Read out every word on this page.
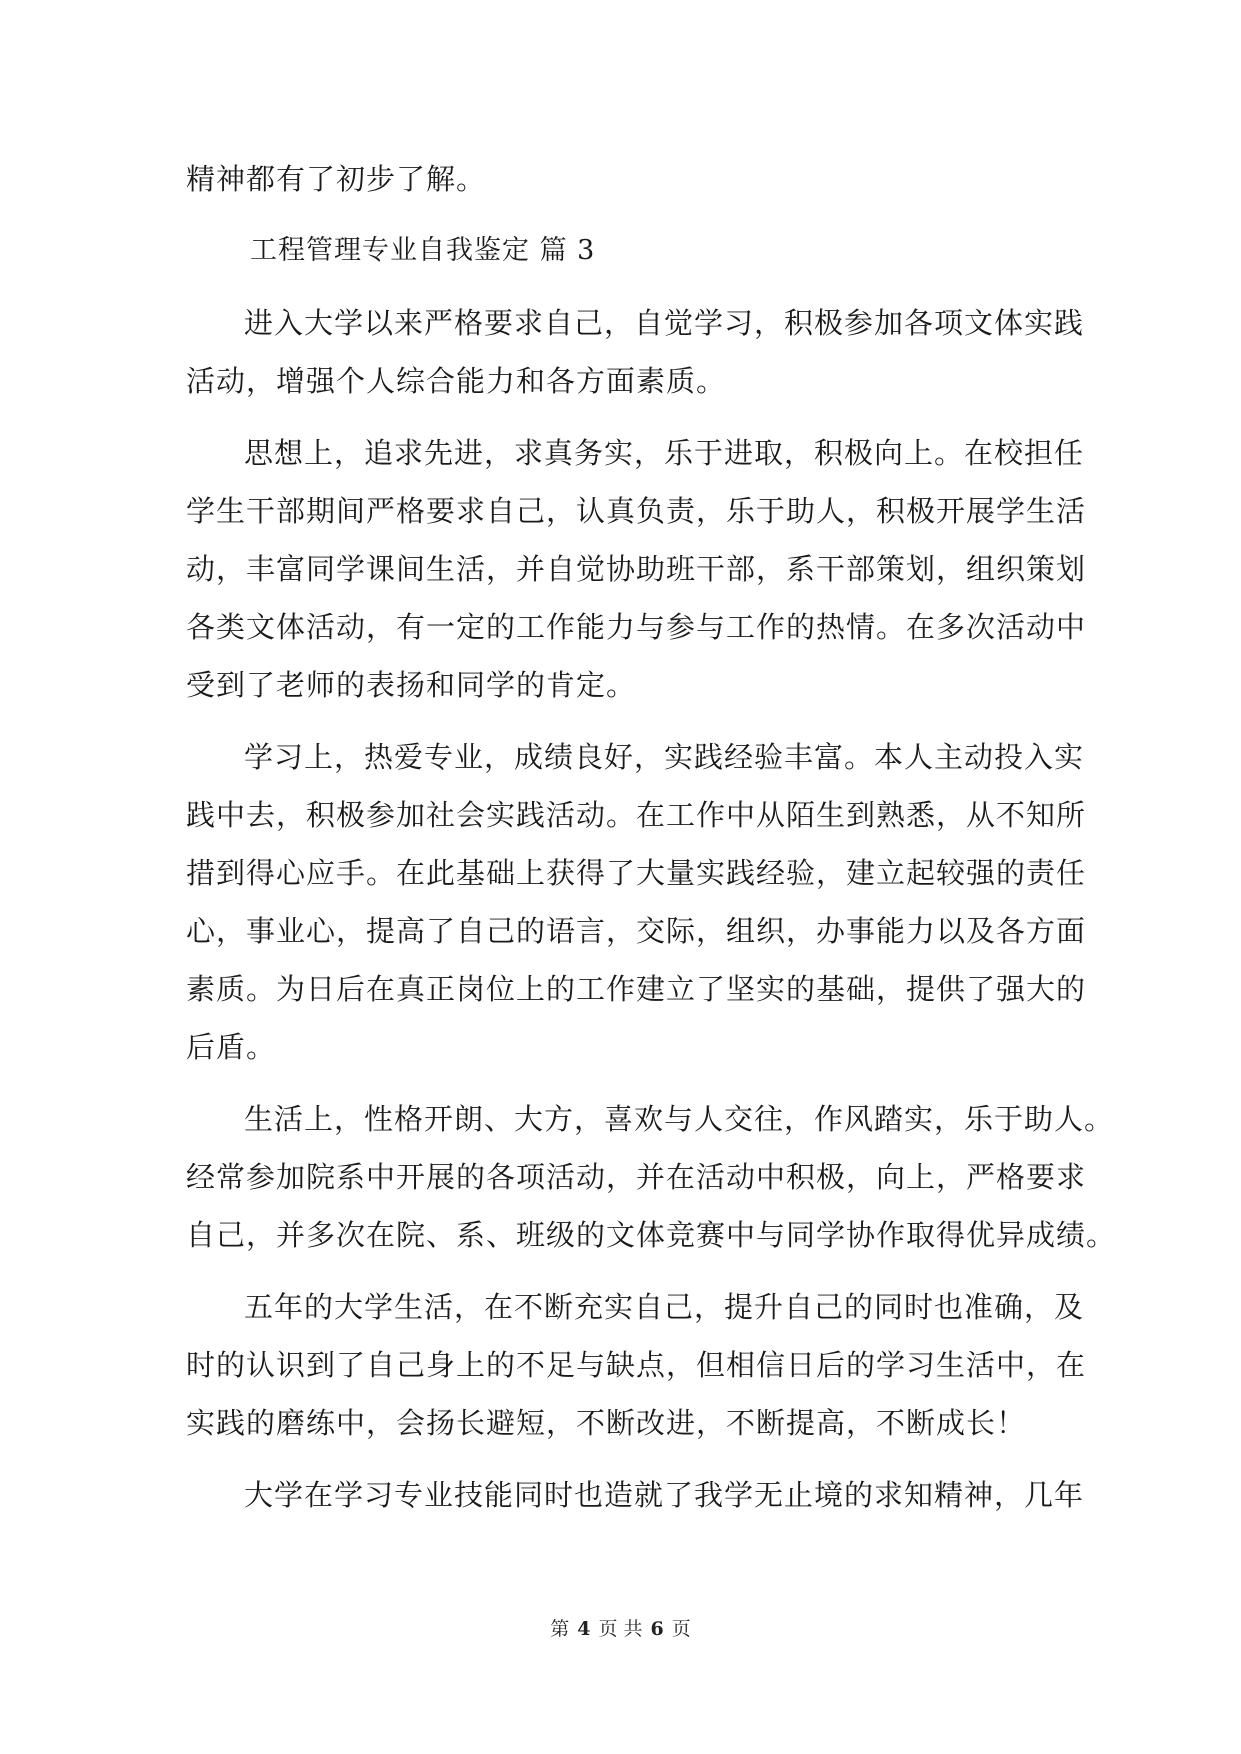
精神都有了初步了解。
工程管理专业自我鉴定 篇 3
进入大学以来严格要求自己，自觉学习，积极参加各项文体实践
活动，增强个人综合能力和各方面素质。
思想上，追求先进，求真务实，乐于进取，积极向上。在校担任
学生干部期间严格要求自己，认真负责，乐于助人，积极开展学生活
动，丰富同学课间生活，并自觉协助班干部，系干部策划，组织策划
各类文体活动，有一定的工作能力与参与工作的热情。在多次活动中
受到了老师的表扬和同学的肯定。
学习上，热爱专业，成绩良好，实践经验丰富。本人主动投入实
践中去，积极参加社会实践活动。在工作中从陌生到熟悉，从不知所
措到得心应手。在此基础上获得了大量实践经验，建立起较强的责任
心，事业心，提高了自己的语言，交际，组织，办事能力以及各方面
素质。为日后在真正岗位上的工作建立了坚实的基础，提供了强大的
后盾。
生活上，性格开朗、大方，喜欢与人交往，作风踏实，乐于助人。
经常参加院系中开展的各项活动，并在活动中积极，向上，严格要求
自己，并多次在院、系、班级的文体竞赛中与同学协作取得优异成绩。
五年的大学生活，在不断充实自己，提升自己的同时也准确，及
时的认识到了自己身上的不足与缺点，但相信日后的学习生活中，在
实践的磨练中，会扬长避短，不断改进，不断提高，不断成长！
大学在学习专业技能同时也造就了我学无止境的求知精神，几年
第 4 页 共 6 页
